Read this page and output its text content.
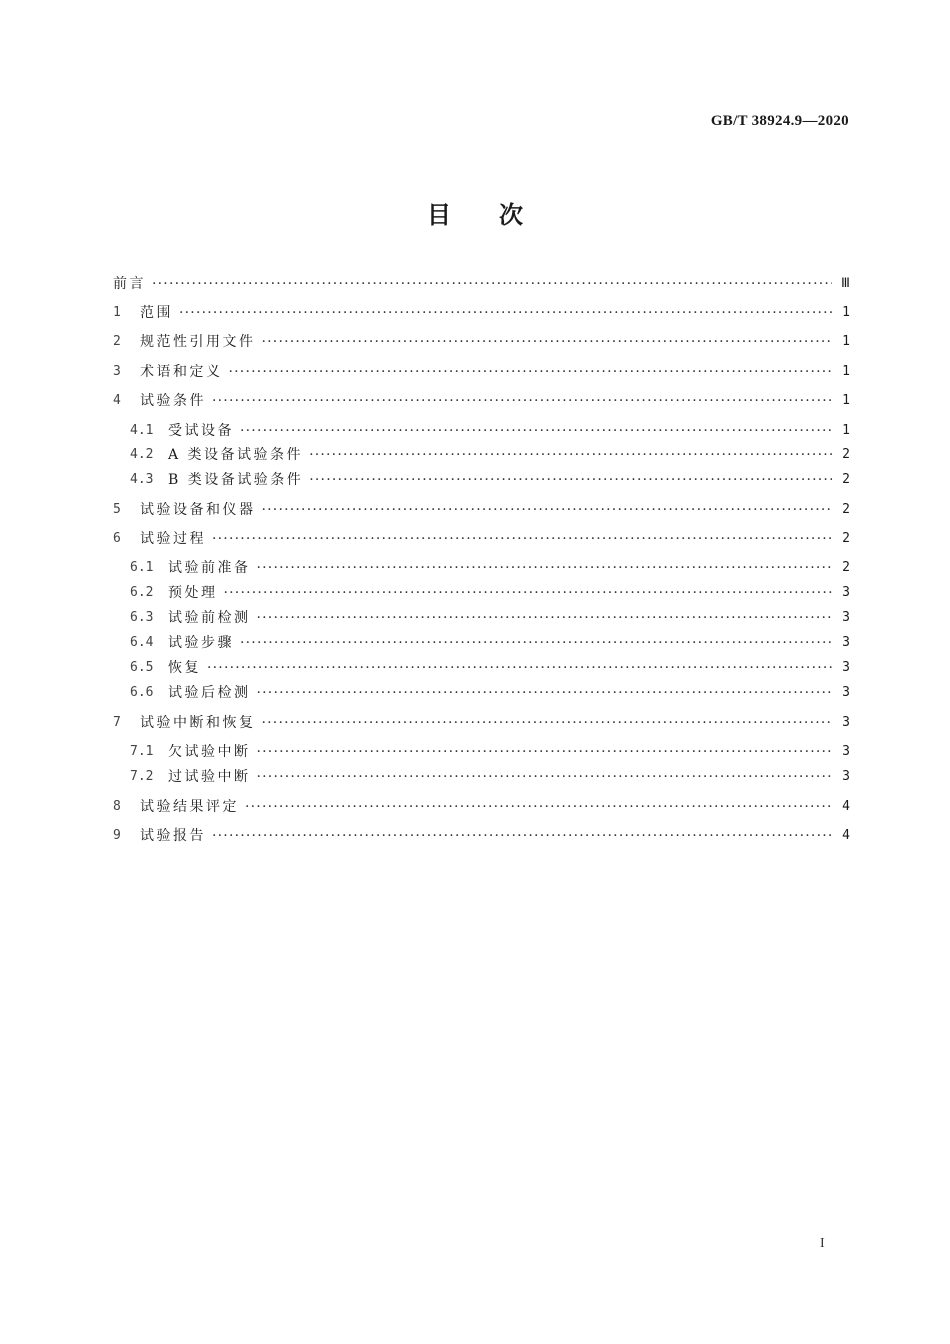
GB/T 38924.9—2020
目次
前言 ·····	Ⅲ
1	范围 ·····	1
2	规范性引用文件 ·····	1
3	术语和定义 ·····	1
4	试验条件 ·····	1
4.1	受试设备 ·····	1
4.2	A 类设备试验条件 ·····	2
4.3	B 类设备试验条件 ·····	2
5	试验设备和仪器 ·····	2
6	试验过程 ·····	2
6.1	试验前准备 ·····	2
6.2	预处理 ·····	3
6.3	试验前检测 ·····	3
6.4	试验步骤 ·····	3
6.5	恢复 ·····	3
6.6	试验后检测 ·····	3
7	试验中断和恢复 ·····	3
7.1	欠试验中断 ·····	3
7.2	过试验中断 ·····	3
8	试验结果评定 ·····	4
9	试验报告 ·····	4
I
